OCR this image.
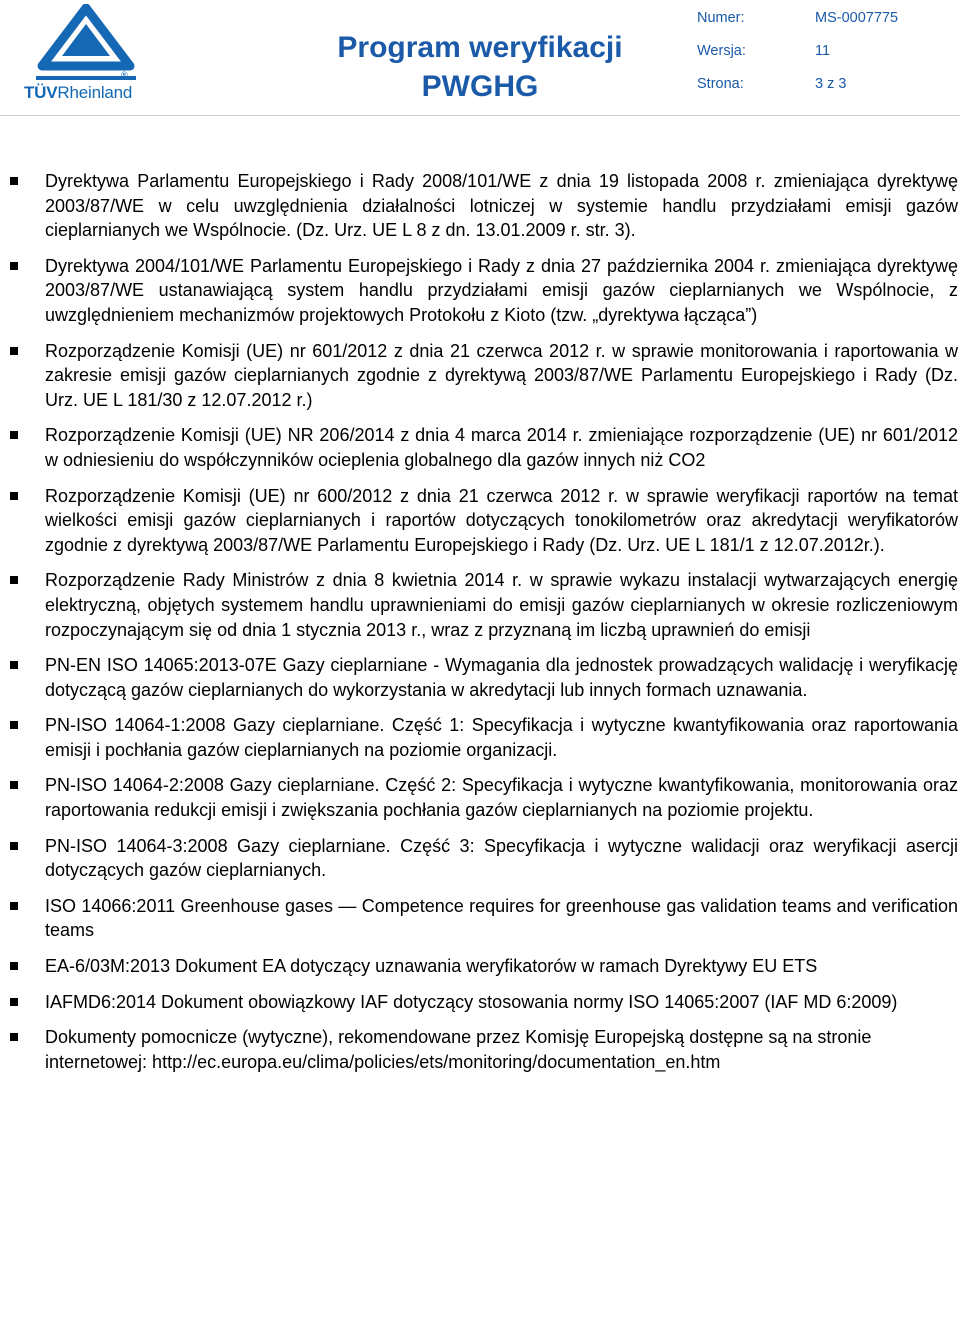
®
TÜVRheinland
Program weryfikacji
PWGHG
Numer:	MS-0007775
Wersja:	11
Strona:	3 z 3
Dyrektywa Parlamentu Europejskiego i Rady 2008/101/WE z dnia 19 listopada 2008 r. zmieniająca dyrektywę 2003/87/WE w celu uwzględnienia działalności lotniczej w systemie handlu przydziałami emisji gazów cieplarnianych we Wspólnocie. (Dz. Urz. UE L 8 z dn. 13.01.2009 r. str. 3).
Dyrektywa 2004/101/WE Parlamentu Europejskiego i Rady z dnia 27 października 2004 r. zmieniająca dyrektywę 2003/87/WE ustanawiającą system handlu przydziałami emisji gazów cieplarnianych we Wspólnocie, z uwzględnieniem mechanizmów projektowych Protokołu z Kioto (tzw. „dyrektywa łącząca”)
Rozporządzenie Komisji (UE) nr 601/2012 z dnia 21 czerwca 2012 r. w sprawie monitorowania i raportowania w zakresie emisji gazów cieplarnianych zgodnie z dyrektywą 2003/87/WE Parlamentu Europejskiego i Rady (Dz. Urz. UE L 181/30 z 12.07.2012 r.)
Rozporządzenie Komisji (UE) NR 206/2014 z dnia 4 marca 2014 r. zmieniające rozporządzenie (UE) nr 601/2012 w odniesieniu do współczynników ocieplenia globalnego dla gazów innych niż CO2
Rozporządzenie Komisji (UE) nr 600/2012 z dnia 21 czerwca 2012 r. w sprawie weryfikacji raportów na temat wielkości emisji gazów cieplarnianych i raportów dotyczących tonokilometrów oraz akredytacji weryfikatorów zgodnie z dyrektywą 2003/87/WE Parlamentu Europejskiego i Rady (Dz. Urz. UE L 181/1 z 12.07.2012r.).
Rozporządzenie Rady Ministrów z dnia 8 kwietnia 2014 r. w sprawie wykazu instalacji wytwarzających energię elektryczną, objętych systemem handlu uprawnieniami do emisji gazów cieplarnianych w okresie rozliczeniowym rozpoczynającym się od dnia 1 stycznia 2013 r., wraz z przyznaną im liczbą uprawnień do emisji
PN-EN ISO 14065:2013-07E Gazy cieplarniane - Wymagania dla jednostek prowadzących walidację i weryfikację dotyczącą gazów cieplarnianych do wykorzystania w akredytacji lub innych formach uznawania.
PN-ISO 14064-1:2008 Gazy cieplarniane. Część 1: Specyfikacja i wytyczne kwantyfikowania oraz raportowania emisji i pochłania gazów cieplarnianych na poziomie organizacji.
PN-ISO 14064-2:2008 Gazy cieplarniane. Część 2: Specyfikacja i wytyczne kwantyfikowania, monitorowania oraz raportowania redukcji emisji i zwiększania pochłania gazów cieplarnianych na poziomie projektu.
PN-ISO 14064-3:2008 Gazy cieplarniane. Część 3: Specyfikacja i wytyczne walidacji oraz weryfikacji asercji dotyczących gazów cieplarnianych.
ISO 14066:2011 Greenhouse gases — Competence requires for greenhouse gas validation teams and verification teams
EA-6/03M:2013 Dokument EA dotyczący uznawania weryfikatorów w ramach Dyrektywy EU ETS
IAFMD6:2014 Dokument obowiązkowy IAF dotyczący stosowania normy ISO 14065:2007 (IAF MD 6:2009)
Dokumenty pomocnicze (wytyczne), rekomendowane przez Komisję Europejską dostępne są na stronie internetowej: http://ec.europa.eu/clima/policies/ets/monitoring/documentation_en.htm
